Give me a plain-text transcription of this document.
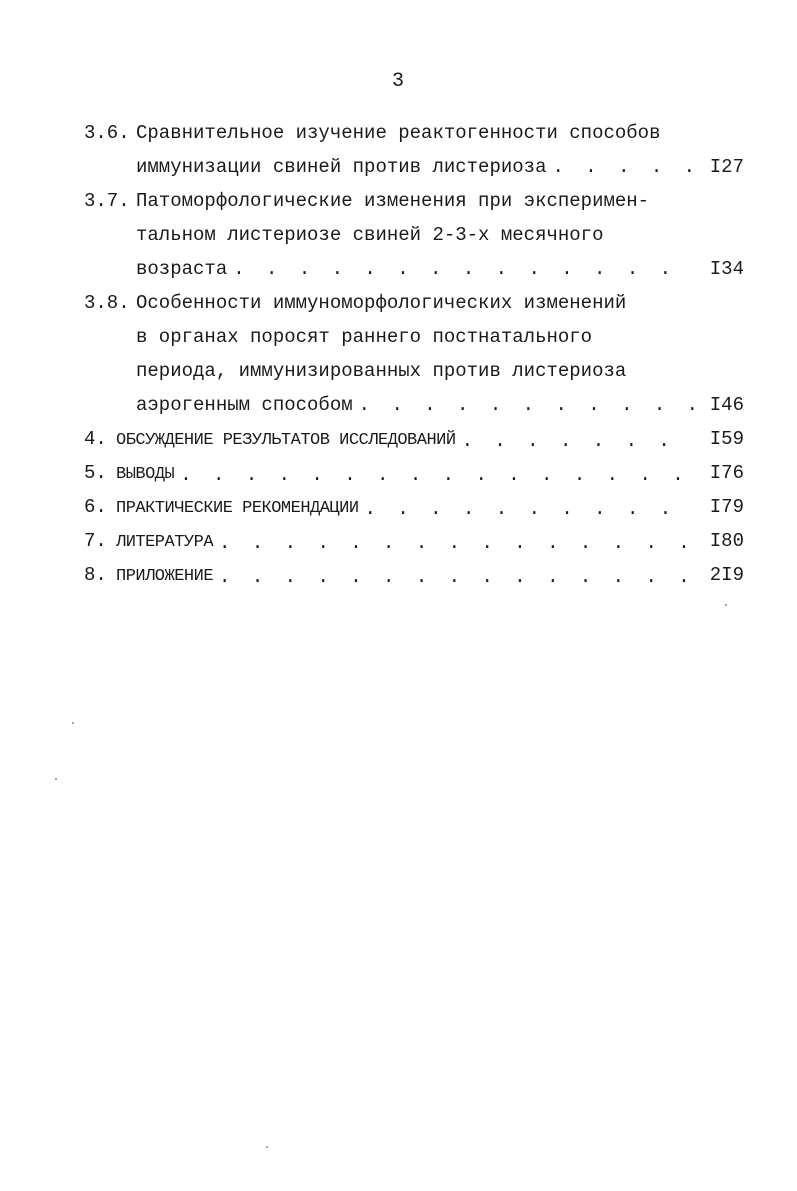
3
3.6. Сравнительное изучение реактогенности способов
иммунизации свиней против листериоза . . .	I27
3.7. Патоморфологические изменения при эксперимен-
тальном листериозе свиней 2-3-х месячного
возраста . . .	I34
3.8. Особенности иммуноморфологических изменений
в органах поросят раннего постнатального
периода, иммунизированных против листериоза
аэрогенным способом . . .	I46
4. ОБСУЖДЕНИЕ РЕЗУЛЬТАТОВ ИССЛЕДОВАНИЙ . . .	I59
5. ВЫВОДЫ . . .	I76
6. ПРАКТИЧЕСКИЕ РЕКОМЕНДАЦИИ . . .	I79
7. ЛИТЕРАТУРА . . .	I80
8. ПРИЛОЖЕНИЕ . . .	2I9
